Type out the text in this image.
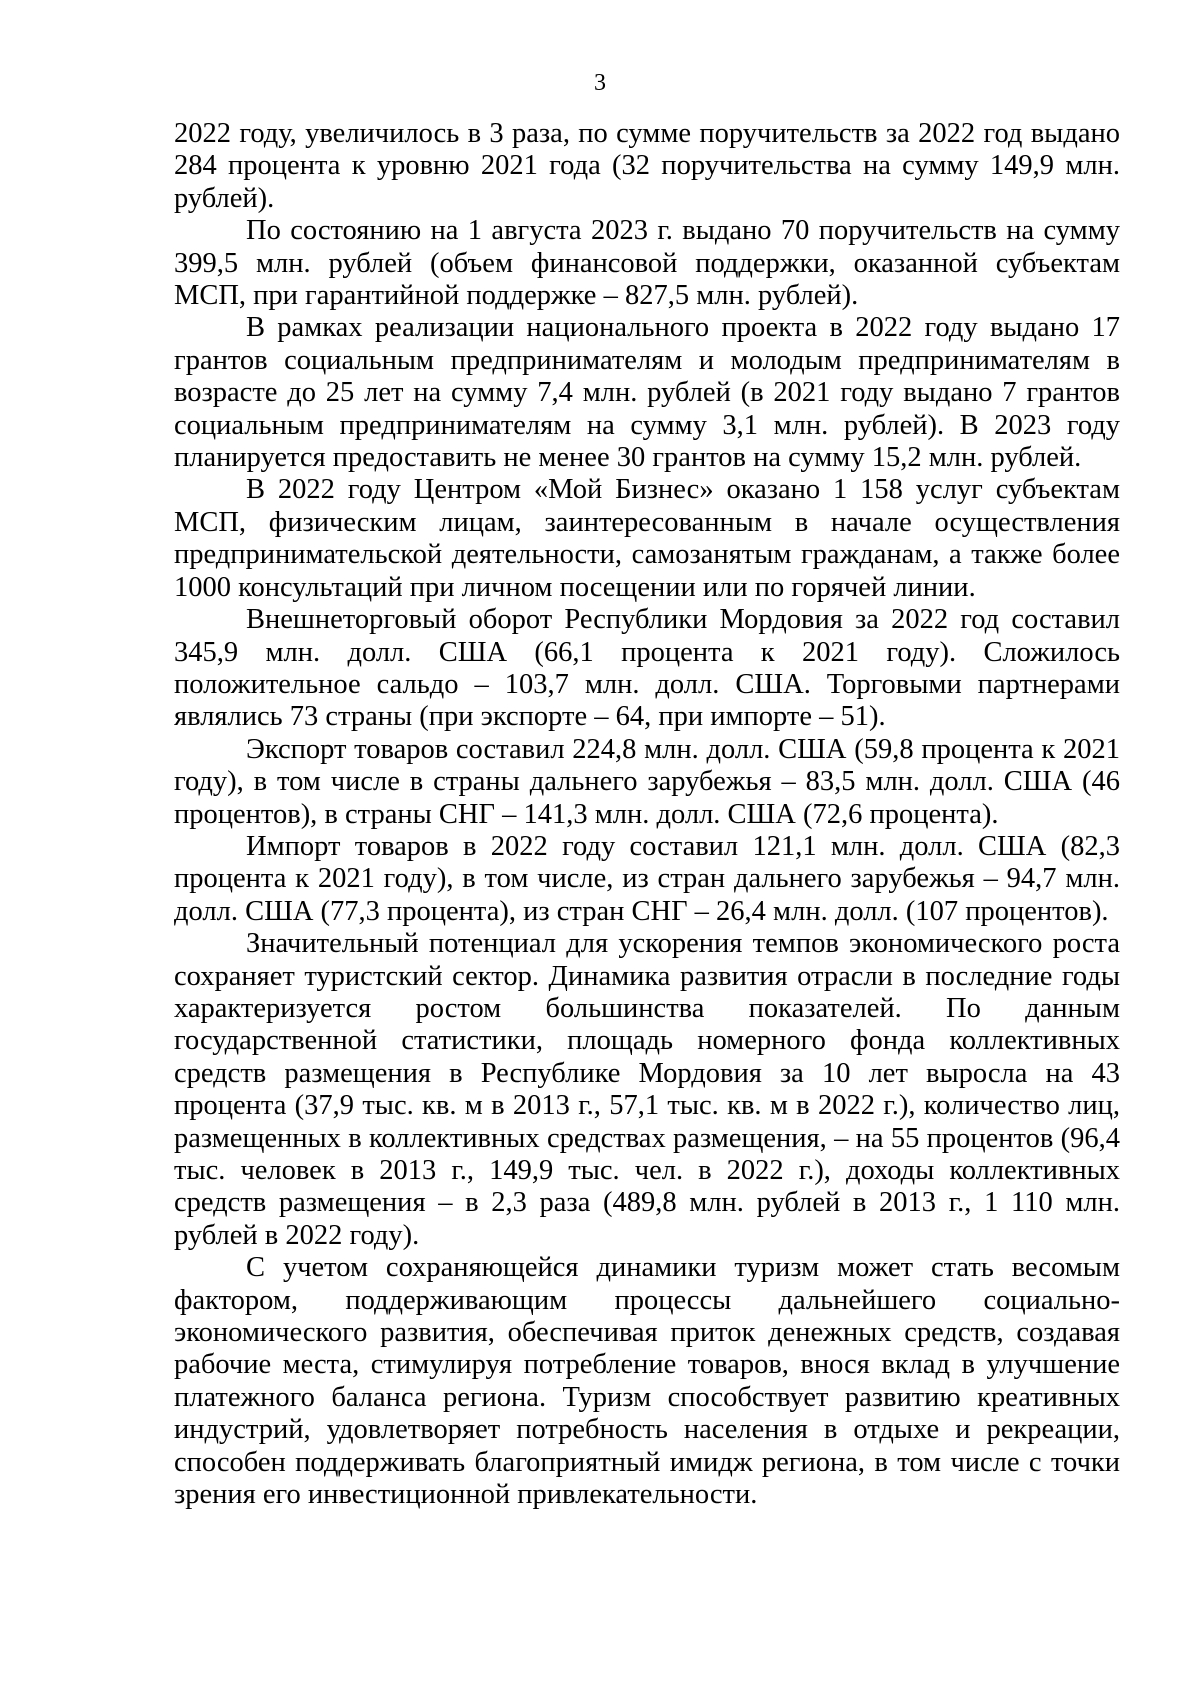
3

2022 году, увеличилось в 3 раза, по сумме поручительств за 2022 год выдано 284 процента к уровню 2021 года (32 поручительства на сумму 149,9 млн. рублей).

По состоянию на 1 августа 2023 г. выдано 70 поручительств на сумму 399,5 млн. рублей (объем финансовой поддержки, оказанной субъектам МСП, при гарантийной поддержке – 827,5 млн. рублей).

В рамках реализации национального проекта в 2022 году выдано 17 грантов социальным предпринимателям и молодым предпринимателям в возрасте до 25 лет на сумму 7,4 млн. рублей (в 2021 году выдано 7 грантов социальным предпринимателям на сумму 3,1 млн. рублей). В 2023 году планируется предоставить не менее 30 грантов на сумму 15,2 млн. рублей.

В 2022 году Центром «Мой Бизнес» оказано 1 158 услуг субъектам МСП, физическим лицам, заинтересованным в начале осуществления предпринимательской деятельности, самозанятым гражданам, а также более 1000 консультаций при личном посещении или по горячей линии.

Внешнеторговый оборот Республики Мордовия за 2022 год составил 345,9 млн. долл. США (66,1 процента к 2021 году). Сложилось положительное сальдо – 103,7 млн. долл. США. Торговыми партнерами являлись 73 страны (при экспорте – 64, при импорте – 51).

Экспорт товаров составил 224,8 млн. долл. США (59,8 процента к 2021 году), в том числе в страны дальнего зарубежья – 83,5 млн. долл. США (46 процентов), в страны СНГ – 141,3 млн. долл. США (72,6 процента).

Импорт товаров в 2022 году составил 121,1 млн. долл. США (82,3 процента к 2021 году), в том числе, из стран дальнего зарубежья – 94,7 млн. долл. США (77,3 процента), из стран СНГ – 26,4 млн. долл. (107 процентов).

Значительный потенциал для ускорения темпов экономического роста сохраняет туристский сектор. Динамика развития отрасли в последние годы характеризуется ростом большинства показателей. По данным государственной статистики, площадь номерного фонда коллективных средств размещения в Республике Мордовия за 10 лет выросла на 43 процента (37,9 тыс. кв. м в 2013 г., 57,1 тыс. кв. м в 2022 г.), количество лиц, размещенных в коллективных средствах размещения, – на 55 процентов (96,4 тыс. человек в 2013 г., 149,9 тыс. чел. в 2022 г.), доходы коллективных средств размещения – в 2,3 раза (489,8 млн. рублей в 2013 г., 1 110 млн. рублей в 2022 году).

С учетом сохраняющейся динамики туризм может стать весомым фактором, поддерживающим процессы дальнейшего социально-экономического развития, обеспечивая приток денежных средств, создавая рабочие места, стимулируя потребление товаров, внося вклад в улучшение платежного баланса региона. Туризм способствует развитию креативных индустрий, удовлетворяет потребность населения в отдыхе и рекреации, способен поддерживать благоприятный имидж региона, в том числе с точки зрения его инвестиционной привлекательности.
